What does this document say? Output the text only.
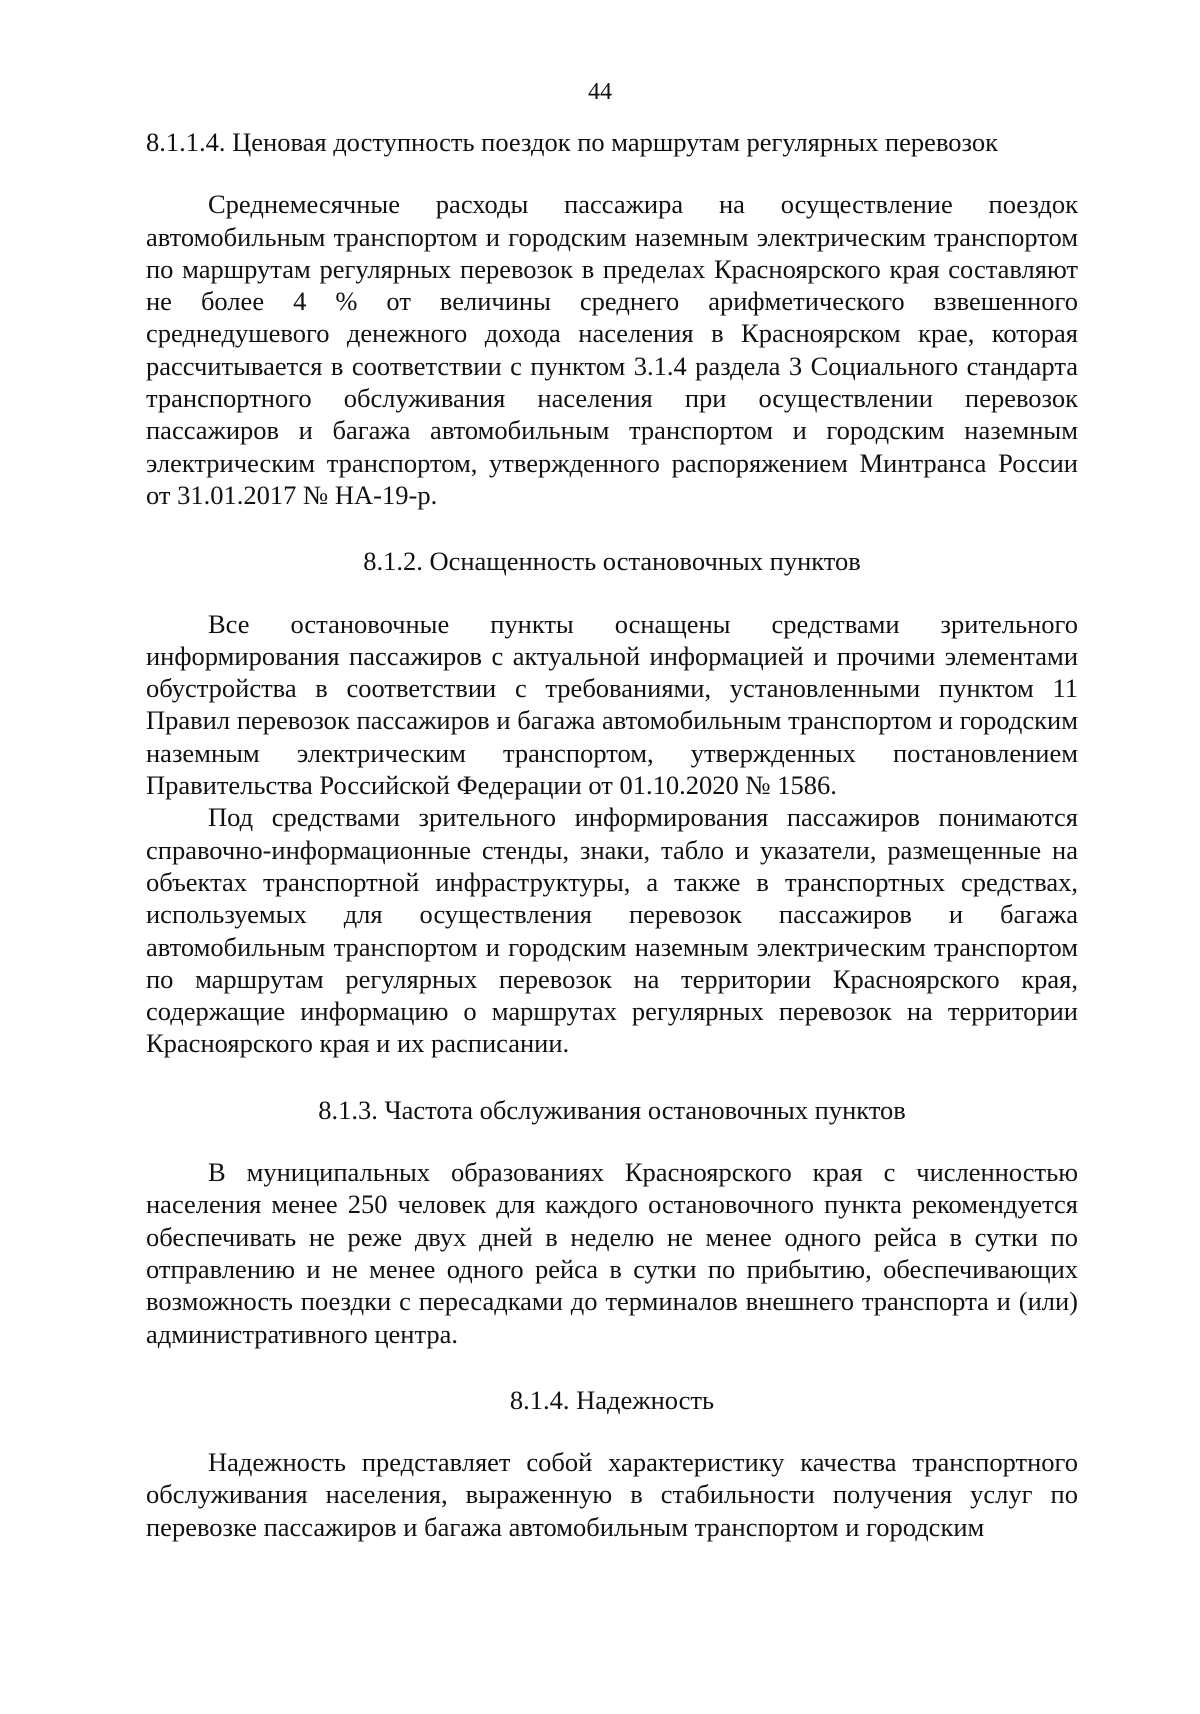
44
8.1.1.4. Ценовая доступность поездок по маршрутам регулярных перевозок

Среднемесячные расходы пассажира на осуществление поездок автомобильным транспортом и городским наземным электрическим транспортом по маршрутам регулярных перевозок в пределах Красноярского края составляют не более 4 % от величины среднего арифметического взвешенного среднедушевого денежного дохода населения в Красноярском крае, которая рассчитывается в соответствии с пунктом 3.1.4 раздела 3 Социального стандарта транспортного обслуживания населения при осуществлении перевозок пассажиров и багажа автомобильным транспортом и городским наземным электрическим транспортом, утвержденного распоряжением Минтранса России от 31.01.2017 № НА-19-р.

8.1.2. Оснащенность остановочных пунктов

Все остановочные пункты оснащены средствами зрительного информирования пассажиров с актуальной информацией и прочими элементами обустройства в соответствии с требованиями, установленными пунктом 11 Правил перевозок пассажиров и багажа автомобильным транспортом и городским наземным электрическим транспортом, утвержденных постановлением Правительства Российской Федерации от 01.10.2020 № 1586.

Под средствами зрительного информирования пассажиров понимаются справочно-информационные стенды, знаки, табло и указатели, размещенные на объектах транспортной инфраструктуры, а также в транспортных средствах, используемых для осуществления перевозок пассажиров и багажа автомобильным транспортом и городским наземным электрическим транспортом по маршрутам регулярных перевозок на территории Красноярского края, содержащие информацию о маршрутах регулярных перевозок на территории Красноярского края и их расписании.

8.1.3. Частота обслуживания остановочных пунктов

В муниципальных образованиях Красноярского края с численностью населения менее 250 человек для каждого остановочного пункта рекомендуется обеспечивать не реже двух дней в неделю не менее одного рейса в сутки по отправлению и не менее одного рейса в сутки по прибытию, обеспечивающих возможность поездки с пересадками до терминалов внешнего транспорта и (или) административного центра.

8.1.4. Надежность

Надежность представляет собой характеристику качества транспортного обслуживания населения, выраженную в стабильности получения услуг по перевозке пассажиров и багажа автомобильным транспортом и городским
